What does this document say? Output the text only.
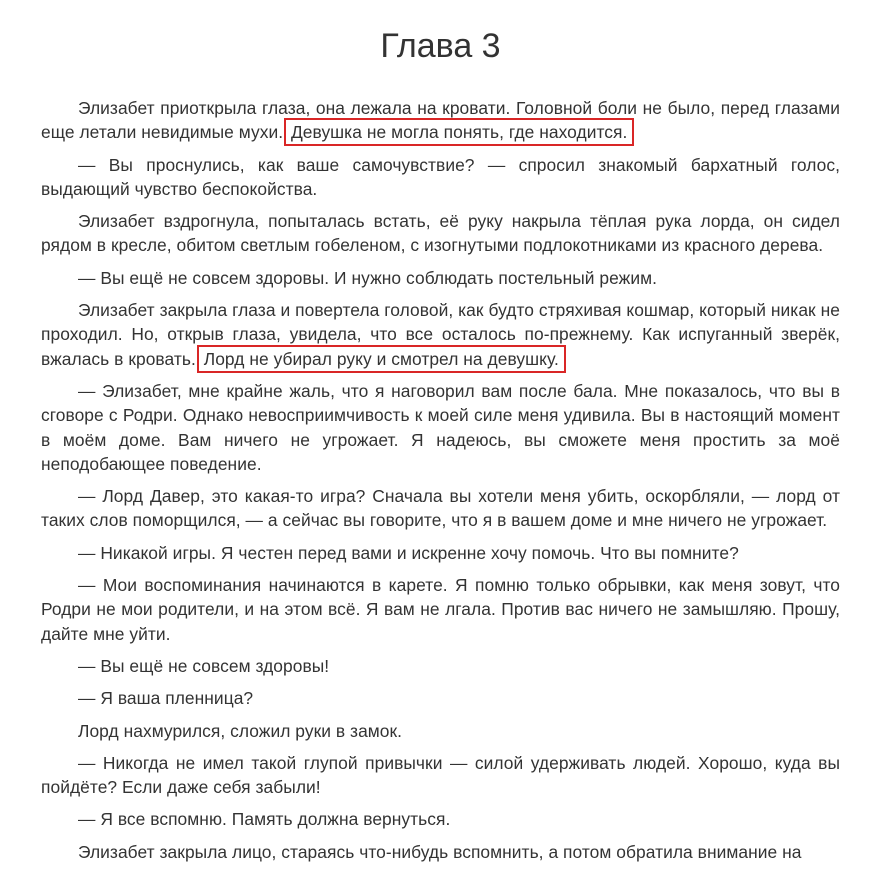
Глава 3

Элизабет приоткрыла глаза, она лежала на кровати. Головной боли не было, перед глазами еще летали невидимые мухи. Девушка не могла понять, где находится.

— Вы проснулись, как ваше самочувствие? — спросил знакомый бархатный голос, выдающий чувство беспокойства.

Элизабет вздрогнула, попыталась встать, её руку накрыла тёплая рука лорда, он сидел рядом в кресле, обитом светлым гобеленом, с изогнутыми подлокотниками из красного дерева.

— Вы ещё не совсем здоровы. И нужно соблюдать постельный режим.

Элизабет закрыла глаза и повертела головой, как будто стряхивая кошмар, который никак не проходил. Но, открыв глаза, увидела, что все осталось по-прежнему. Как испуганный зверёк, вжалась в кровать. Лорд не убирал руку и смотрел на девушку.

— Элизабет, мне крайне жаль, что я наговорил вам после бала. Мне показалось, что вы в сговоре с Родри. Однако невосприимчивость к моей силе меня удивила. Вы в настоящий момент в моём доме. Вам ничего не угрожает. Я надеюсь, вы сможете меня простить за моё неподобающее поведение.

— Лорд Давер, это какая-то игра? Сначала вы хотели меня убить, оскорбляли, — лорд от таких слов поморщился, — а сейчас вы говорите, что я в вашем доме и мне ничего не угрожает.

— Никакой игры. Я честен перед вами и искренне хочу помочь. Что вы помните?

— Мои воспоминания начинаются в карете. Я помню только обрывки, как меня зовут, что Родри не мои родители, и на этом всё. Я вам не лгала. Против вас ничего не замышляю. Прошу, дайте мне уйти.

— Вы ещё не совсем здоровы!

— Я ваша пленница?

Лорд нахмурился, сложил руки в замок.

— Никогда не имел такой глупой привычки — силой удерживать людей. Хорошо, куда вы пойдёте? Если даже себя забыли!

— Я все вспомню. Память должна вернуться.

Элизабет закрыла лицо, стараясь что-нибудь вспомнить, а потом обратила внимание на
